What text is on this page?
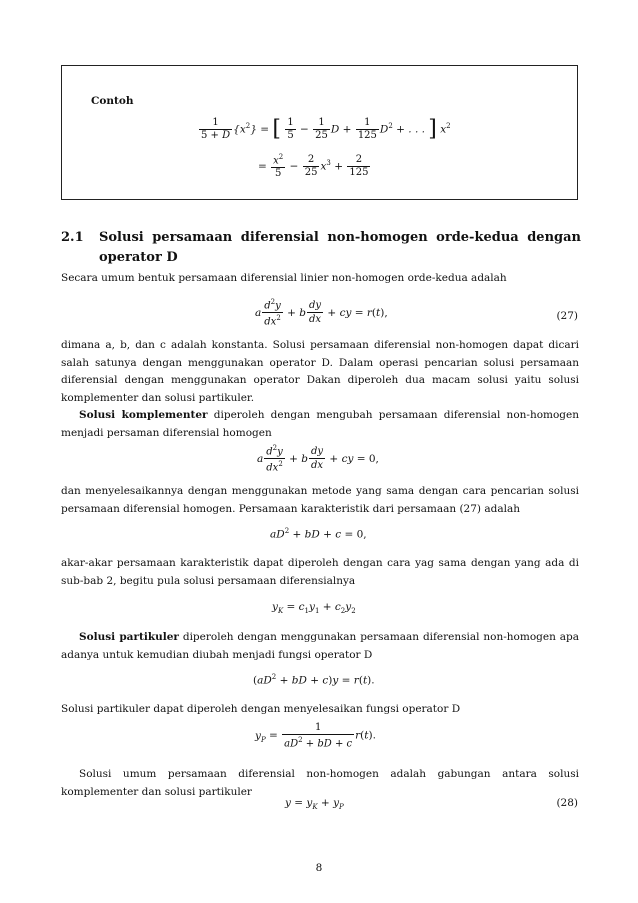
Contoh
$\frac{1}{5 + D} \{x^2\}$ = [ $\frac{1}{5} - \frac{1}{25}$ $D + \frac{1}{125} D^2$ + . . . ] $x^2$
= $\frac{x^2}{5} - \frac{2}{25} x^3 + \frac{2}{125}$
2.1 Solusi persamaan diferensial non-homogen orde-kedua dengan operator D
Secara umum bentuk persamaan diferensial linier non-homogen orde-kedua adalah
a $\frac{d^2y}{dx^2} + b \frac{dy}{dx}$ + cy = r(t),	(27)
dimana a, b, dan c adalah konstanta. Solusi persamaan diferensial non-homogen dapat dicari salah satunya dengan menggunakan operator D. Dalam operasi pencarian solusi persamaan diferensial dengan menggunakan operator Dakan diperoleh dua macam solusi yaitu solusi komplementer dan solusi partikuler.
Solusi komplementer diperoleh dengan mengubah persamaan diferensial non-homogen menjadi persaman diferensial homogen
a $\frac{d^2y}{dx^2} + b \frac{dy}{dx}$ + cy = 0,
dan menyelesaikannya dengan menggunakan metode yang sama dengan cara pencarian solusi persamaan diferensial homogen. Persamaan karakteristik dari persamaan (27) adalah
$aD^2$ + bD + c = 0,
akar-akar persamaan karakteristik dapat diperoleh dengan cara yag sama dengan yang ada di sub-bab 2, begitu pula solusi persamaan diferensialnya
$y_K = c_1y_1 + c_2y_2$
Solusi partikuler diperoleh dengan menggunakan persamaan diferensial non-homogen apa adanya untuk kemudian diubah menjadi fungsi operator D
($aD^2$ + bD + c)y = r(t).
Solusi partikuler dapat diperoleh dengan menyelesaikan fungsi operator D
$y_P = \frac{1}{aD^2 + bD + c} r(t)$.
Solusi umum persamaan diferensial non-homogen adalah gabungan antara solusi komplementer dan solusi partikuler
$y = y_K + y_P$	(28)
8
